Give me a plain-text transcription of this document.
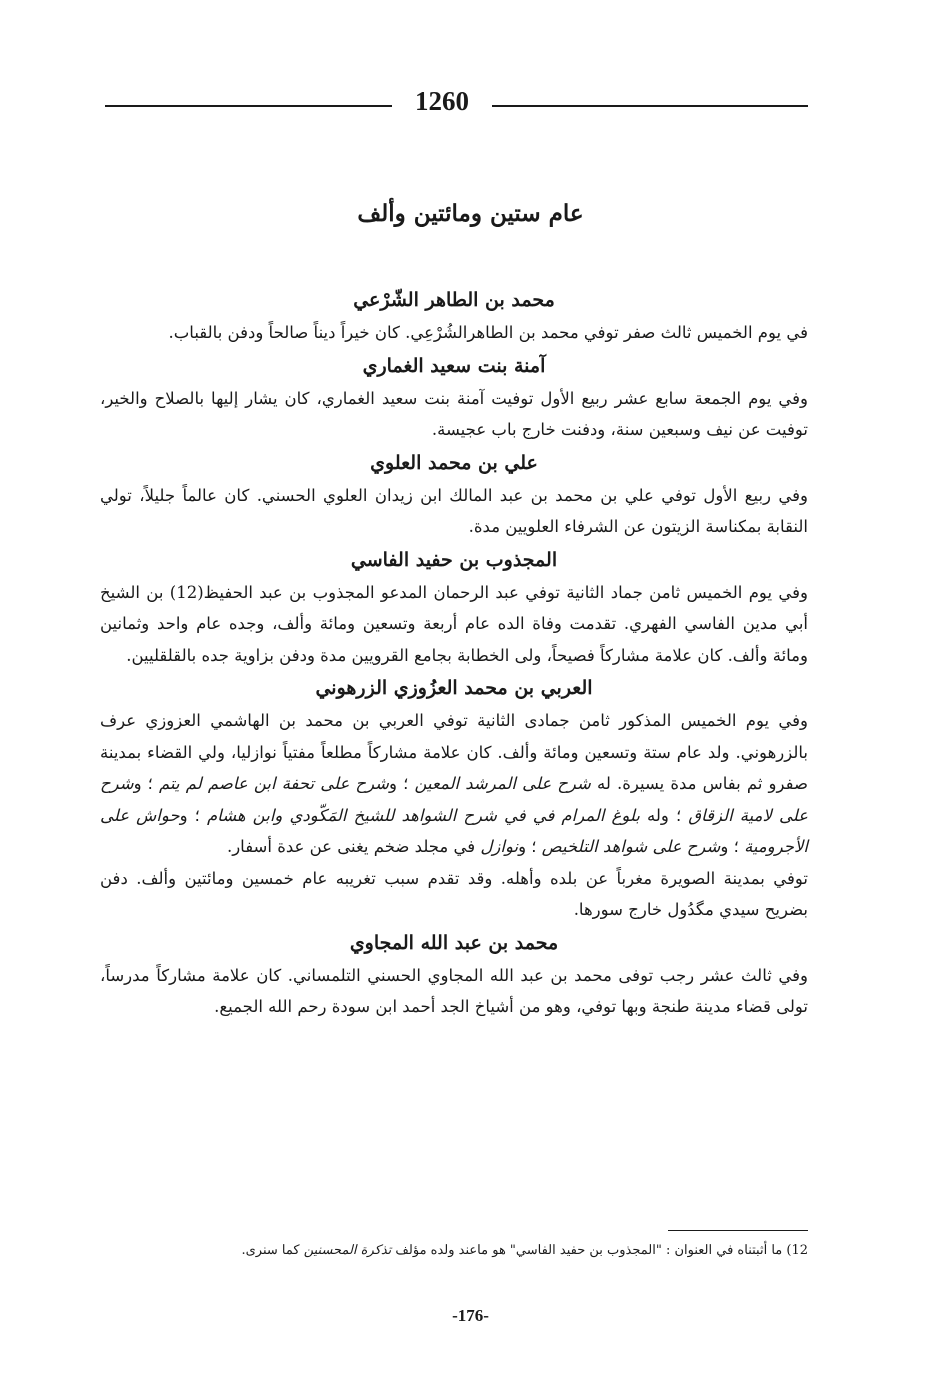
1260
عام ستين ومائتين وألف
محمد بن الطاهر الشّرْعي

في يوم الخميس ثالث صفر توفي محمد بن الطاهرالشُرْعِي. كان خيراً ديناً صالحاً ودفن بالقباب.

آمنة بنت سعيد الغماري

وفي يوم الجمعة سابع عشر ربيع الأول توفيت آمنة بنت سعيد الغماري، كان يشار إليها بالصلاح والخير، توفيت عن نيف وسبعين سنة، ودفنت خارج باب عجيسة.

علي بن محمد العلوي

وفي ربيع الأول توفي علي بن محمد بن عبد المالك ابن زيدان العلوي الحسني. كان عالماً جليلاً، تولي النقابة بمكناسة الزيتون عن الشرفاء العلويين مدة.

المجذوب بن حفيد الفاسي

وفي يوم الخميس ثامن جماد الثانية توفي عبد الرحمان المدعو المجذوب بن عبد الحفيظ(12) بن الشيخ أبي مدين الفاسي الفهري. تقدمت وفاة الده عام أربعة وتسعين ومائة وألف، وجده عام واحد وثمانين ومائة وألف. كان علامة مشاركاً فصيحاً، ولى الخطابة بجامع القرويين مدة ودفن بزاوية جده بالقلقليين.

العربي بن محمد العزُوزي الزرهوني

وفي يوم الخميس المذكور ثامن جمادى الثانية توفي العربي بن محمد بن الهاشمي العزوزي عرف بالزرهوني. ولد عام ستة وتسعين ومائة وألف. كان علامة مشاركاً مطلعاً مفتياً نوازليا، ولي القضاء بمدينة صفرو ثم بفاس مدة يسيرة. له شرح على المرشد المعين ؛ وشرح على تحفة ابن عاصم لم يتم ؛ وشرح على لامية الزقاق ؛ وله بلوغ المرام في في شرح الشواهد للشيخ المَكّودي وابن هشام ؛ وحواش على الأجرومية ؛ وشرح على شواهد التلخيص ؛ ونوازل في مجلد ضخم يغنى عن عدة أسفار.

توفي بمدينة الصويرة مغرباً عن بلده وأهله. وقد تقدم سبب تغريبه عام خمسين ومائتين وألف. دفن بضريح سيدي مگدُول خارج سورها.

محمد بن عبد الله المجاوي

وفي ثالث عشر رجب توفى محمد بن عبد الله المجاوي الحسني التلمساني. كان علامة مشاركاً مدرساً، تولى قضاء مدينة طنجة وبها توفي، وهو من أشياخ الجد أحمد ابن سودة رحم الله الجميع.

12) ما أثبتناه في العنوان : "المجذوب بن حفيد الفاسي" هو ماعند ولده مؤلف تذكرة المحسنين كما سنرى.
-176-
